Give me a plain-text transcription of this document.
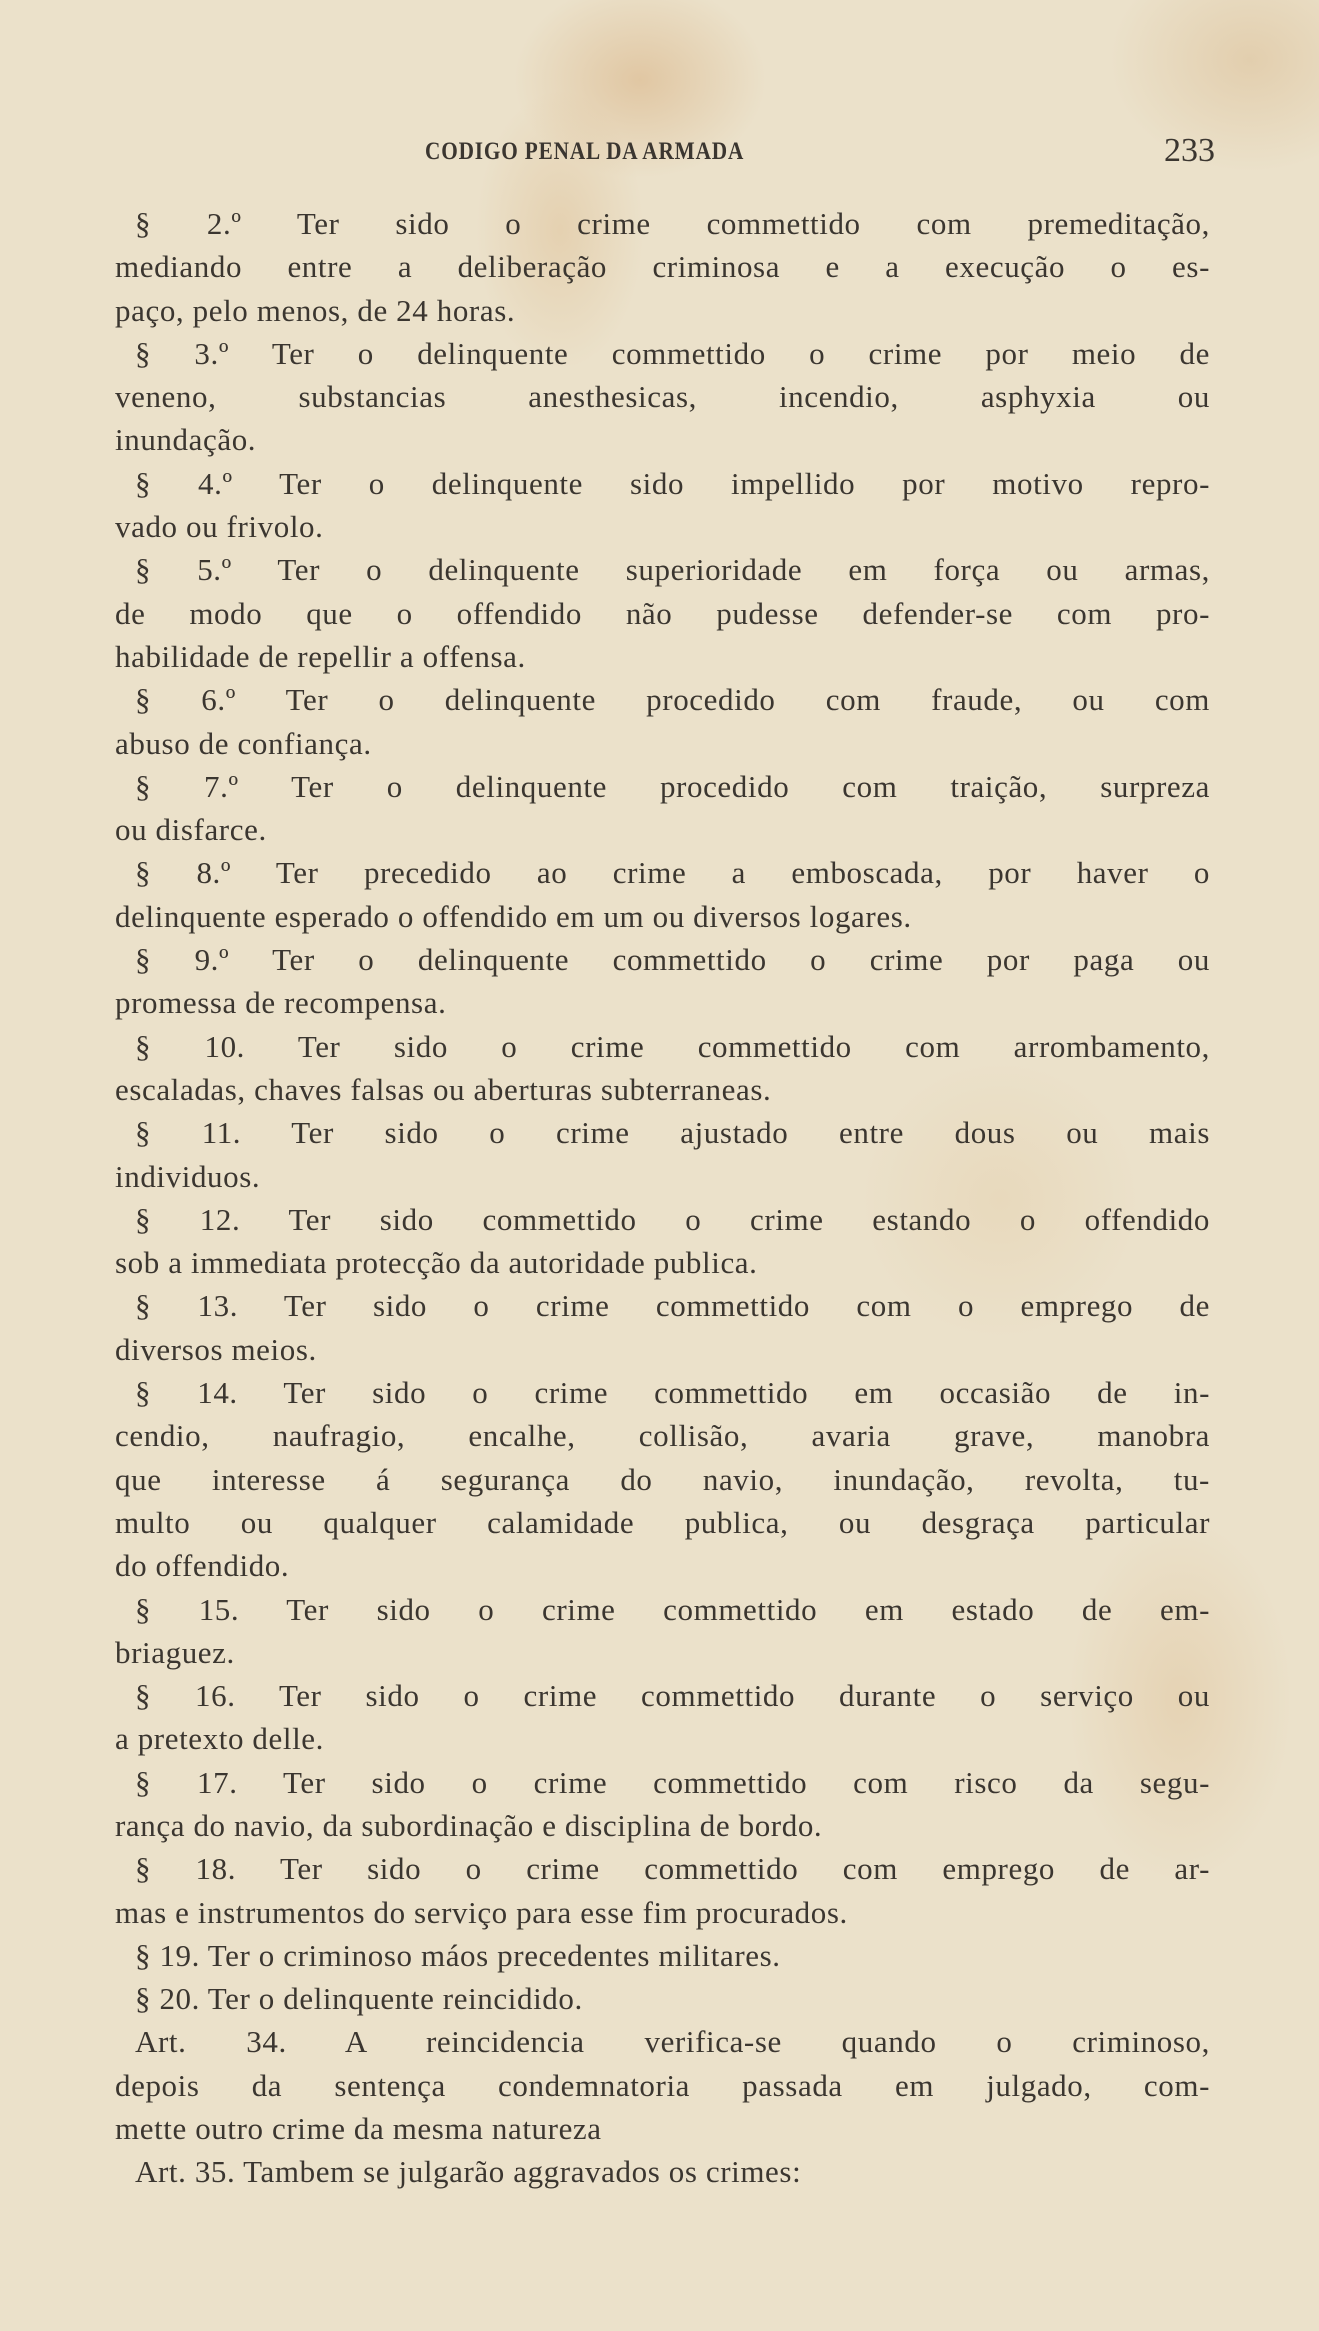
CODIGO PENAL DA ARMADA	233
§ 2.º Ter sido o crime commettido com premeditação,
mediando entre a deliberação criminosa e a execução o es-
paço, pelo menos, de 24 horas.
§ 3.º Ter o delinquente commettido o crime por meio de
veneno, substancias anesthesicas, incendio, asphyxia ou
inundação.
§ 4.º Ter o delinquente sido impellido por motivo repro-
vado ou frivolo.
§ 5.º Ter o delinquente superioridade em força ou armas,
de modo que o offendido não pudesse defender-se com pro-
habilidade de repellir a offensa.
§ 6.º Ter o delinquente procedido com fraude, ou com
abuso de confiança.
§ 7.º Ter o delinquente procedido com traição, surpreza
ou disfarce.
§ 8.º Ter precedido ao crime a emboscada, por haver o
delinquente esperado o offendido em um ou diversos logares.
§ 9.º Ter o delinquente commettido o crime por paga ou
promessa de recompensa.
§ 10. Ter sido o crime commettido com arrombamento,
escaladas, chaves falsas ou aberturas subterraneas.
§ 11. Ter sido o crime ajustado entre dous ou mais
individuos.
§ 12. Ter sido commettido o crime estando o offendido
sob a immediata protecção da autoridade publica.
§ 13. Ter sido o crime commettido com o emprego de
diversos meios.
§ 14. Ter sido o crime commettido em occasião de in-
cendio, naufragio, encalhe, collisão, avaria grave, manobra
que interesse á segurança do navio, inundação, revolta, tu-
multo ou qualquer calamidade publica, ou desgraça particular
do offendido.
§ 15. Ter sido o crime commettido em estado de em-
briaguez.
§ 16. Ter sido o crime commettido durante o serviço ou
a pretexto delle.
§ 17. Ter sido o crime commettido com risco da segu-
rança do navio, da subordinação e disciplina de bordo.
§ 18. Ter sido o crime commettido com emprego de ar-
mas e instrumentos do serviço para esse fim procurados.
§ 19. Ter o criminoso máos precedentes militares.
§ 20. Ter o delinquente reincidido.
Art. 34. A reincidencia verifica-se quando o criminoso,
depois da sentença condemnatoria passada em julgado, com-
mette outro crime da mesma natureza
Art. 35. Tambem se julgarão aggravados os crimes:
